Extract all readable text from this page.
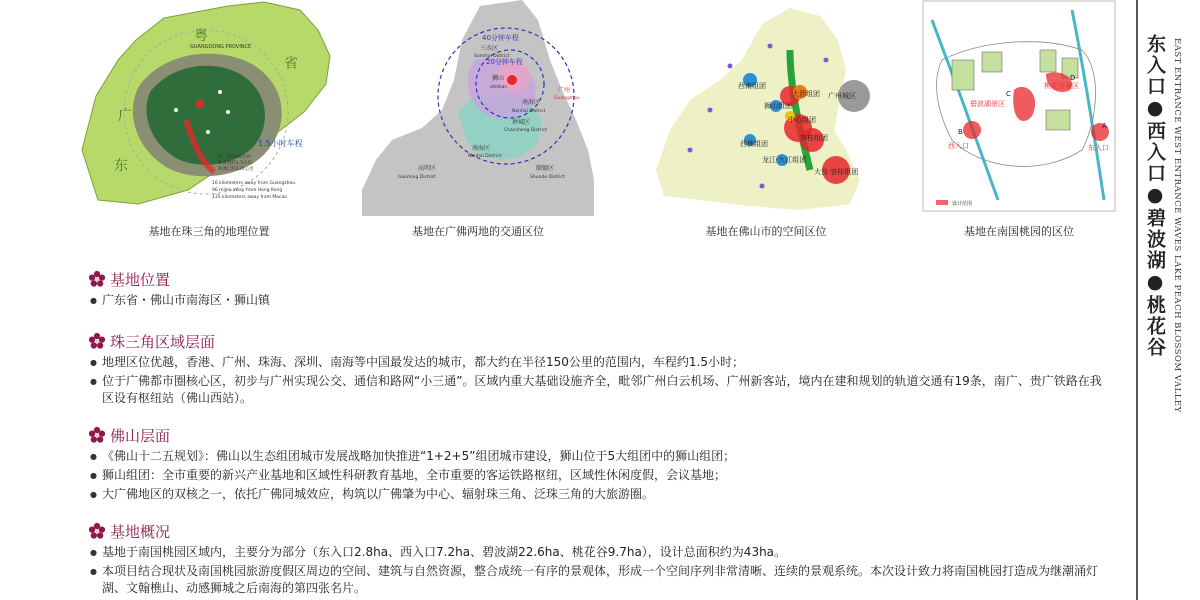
GUANGDONG PROVINCE
粤
省
广
东
1.5小时车程
距广州约40分钟
距香港约1.5小时
距澳门约135公里
16 kilometers away from Guangzhou
96 miles away from Hong Kong
135 kilometers away from Macao
基地在珠三角的地理位置
40分钟车程
20分钟车程
三水区
Sanshui District
狮山
shishan	广州
Guangzhou
南海区
Nanhai District
禅城区
Chancheng District
南海区
Nanhai District
高明区
Gaoming District
顺德区
Shunde District
基地在广佛两地的交通区位
西南组团
大沥组团
狮山组团
广州城区
中心组团
西樵组团
容桂组团
龙江·九江组团
大良·容桂组团
基地在佛山市的空间区位
A
B
C
D
东入口
西入口
碧波湖景区
桃花谷景区
设计范围
基地在南国桃园的区位	东入口●西入口●碧波湖●桃花谷 EAST ENTRANCE WEST ENTRANCE WAVES LAKE PEACH BLOSSOM VALLEY
基地位置
● 广东省・佛山市南海区・狮山镇
珠三角区域层面
● 地理区位优越，香港、广州、珠海、深圳、南海等中国最发达的城市，都大约在半径150公里的范围内，车程约1.5小时；
● 位于广佛都市圈核心区，初步与广州实现公交、通信和路网“小三通”。区域内重大基础设施齐全，毗邻广州白云机场、广州新客站，境内在建和规划的轨道交通有19条，南广、贵广铁路在我区设有枢纽站（佛山西站）。
佛山层面
● 《佛山十二五规划》：佛山以生态组团城市发展战略加快推进“1+2+5”组团城市建设，狮山位于5大组团中的狮山组团；
● 狮山组团：全市重要的新兴产业基地和区域性科研教育基地，全市重要的客运铁路枢纽，区域性休闲度假，会议基地；
● 大广佛地区的双核之一，依托广佛同城效应，构筑以广佛肇为中心、辐射珠三角、泛珠三角的大旅游圈。
基地概况
● 基地于南国桃园区域内，主要分为部分（东入口2.8ha、西入口7.2ha、碧波湖22.6ha、桃花谷9.7ha），设计总面积约为43ha。
● 本项目结合现状及南国桃园旅游度假区周边的空间、建筑与自然资源，整合成统一有序的景观体，形成一个空间序列非常清晰、连续的景观系统。本次设计致力将南国桃园打造成为继潮涌灯湖、文翰樵山、动感狮城之后南海的第四张名片。
